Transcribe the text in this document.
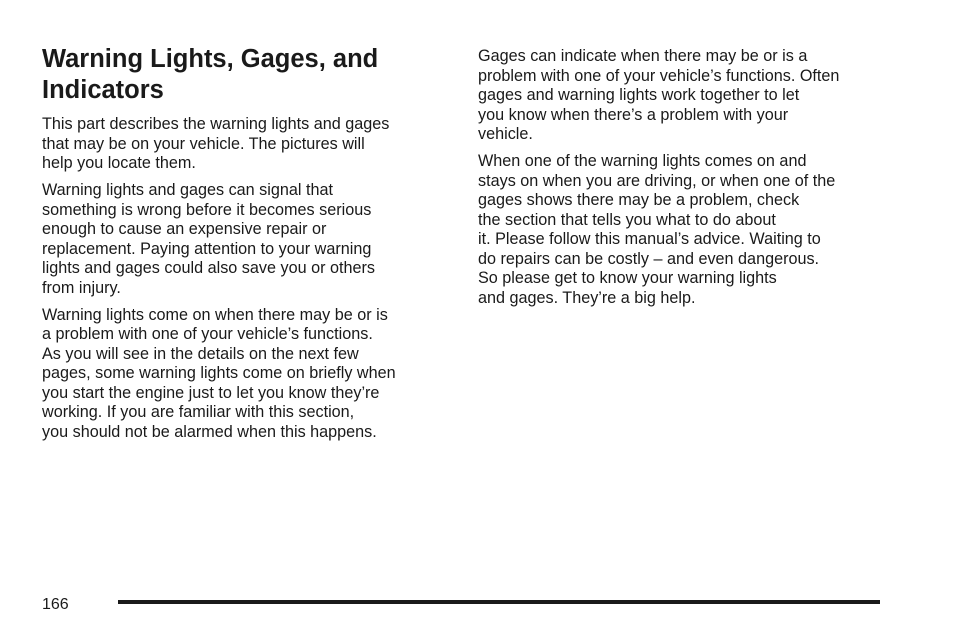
Warning Lights, Gages, and
Indicators

This part describes the warning lights and gages
that may be on your vehicle. The pictures will
help you locate them.

Warning lights and gages can signal that
something is wrong before it becomes serious
enough to cause an expensive repair or
replacement. Paying attention to your warning
lights and gages could also save you or others
from injury.

Warning lights come on when there may be or is
a problem with one of your vehicle’s functions.
As you will see in the details on the next few
pages, some warning lights come on briefly when
you start the engine just to let you know they’re
working. If you are familiar with this section,
you should not be alarmed when this happens.

Gages can indicate when there may be or is a
problem with one of your vehicle’s functions. Often
gages and warning lights work together to let
you know when there’s a problem with your
vehicle.

When one of the warning lights comes on and
stays on when you are driving, or when one of the
gages shows there may be a problem, check
the section that tells you what to do about
it. Please follow this manual’s advice. Waiting to
do repairs can be costly – and even dangerous.
So please get to know your warning lights
and gages. They’re a big help.

166
